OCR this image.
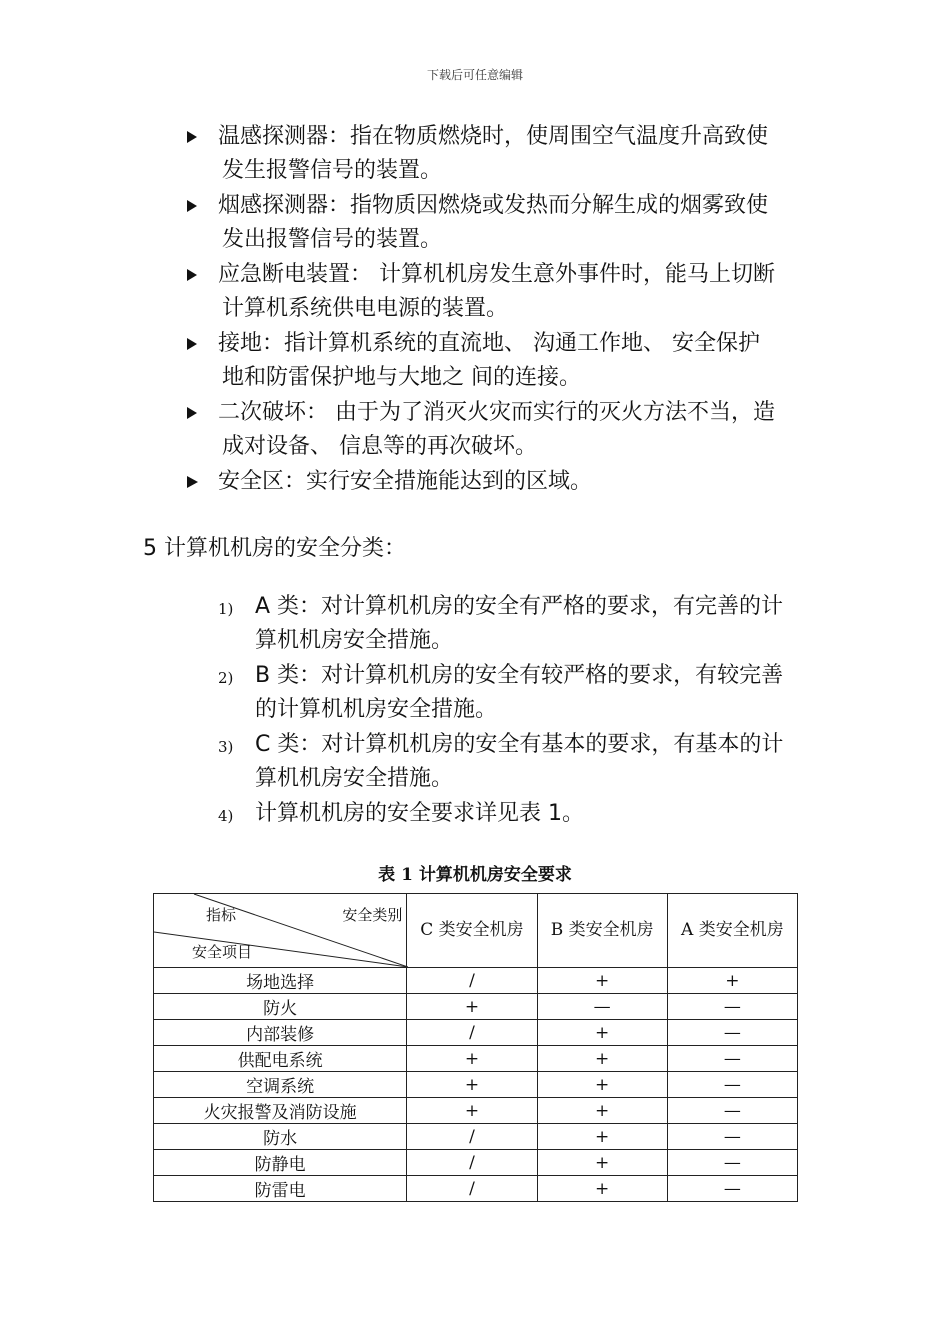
下载后可任意编辑
温感探测器：指在物质燃烧时，使周围空气温度升高致使
发生报警信号的装置。
烟感探测器：指物质因燃烧或发热而分解生成的烟雾致使
发出报警信号的装置。
应急断电装置： 计算机机房发生意外事件时，能马上切断
计算机系统供电电源的装置。
接地：指计算机系统的直流地、 沟通工作地、 安全保护
地和防雷保护地与大地之 间的连接。
二次破坏： 由于为了消灭火灾而实行的灭火方法不当，造
成对设备、 信息等的再次破坏。
安全区：实行安全措施能达到的区域。
5 计算机机房的安全分类：
1) A 类：对计算机机房的安全有严格的要求，有完善的计
算机机房安全措施。
2) B 类：对计算机机房的安全有较严格的要求，有较完善
的计算机机房安全措施。
3) C 类：对计算机机房的安全有基本的要求，有基本的计
算机机房安全措施。
4) 计算机机房的安全要求详见表 1。
表 1 计算机机房安全要求
指标 安全类别
安全项目	C 类安全机房	B 类安全机房	A 类安全机房
场地选择	/	+	+
防火	+	—	—
内部装修	/	+	—
供配电系统	+	+	—
空调系统	+	+	—
火灾报警及消防设施	+	+	—
防水	/	+	—
防静电	/	+	—
防雷电	/	+	—
